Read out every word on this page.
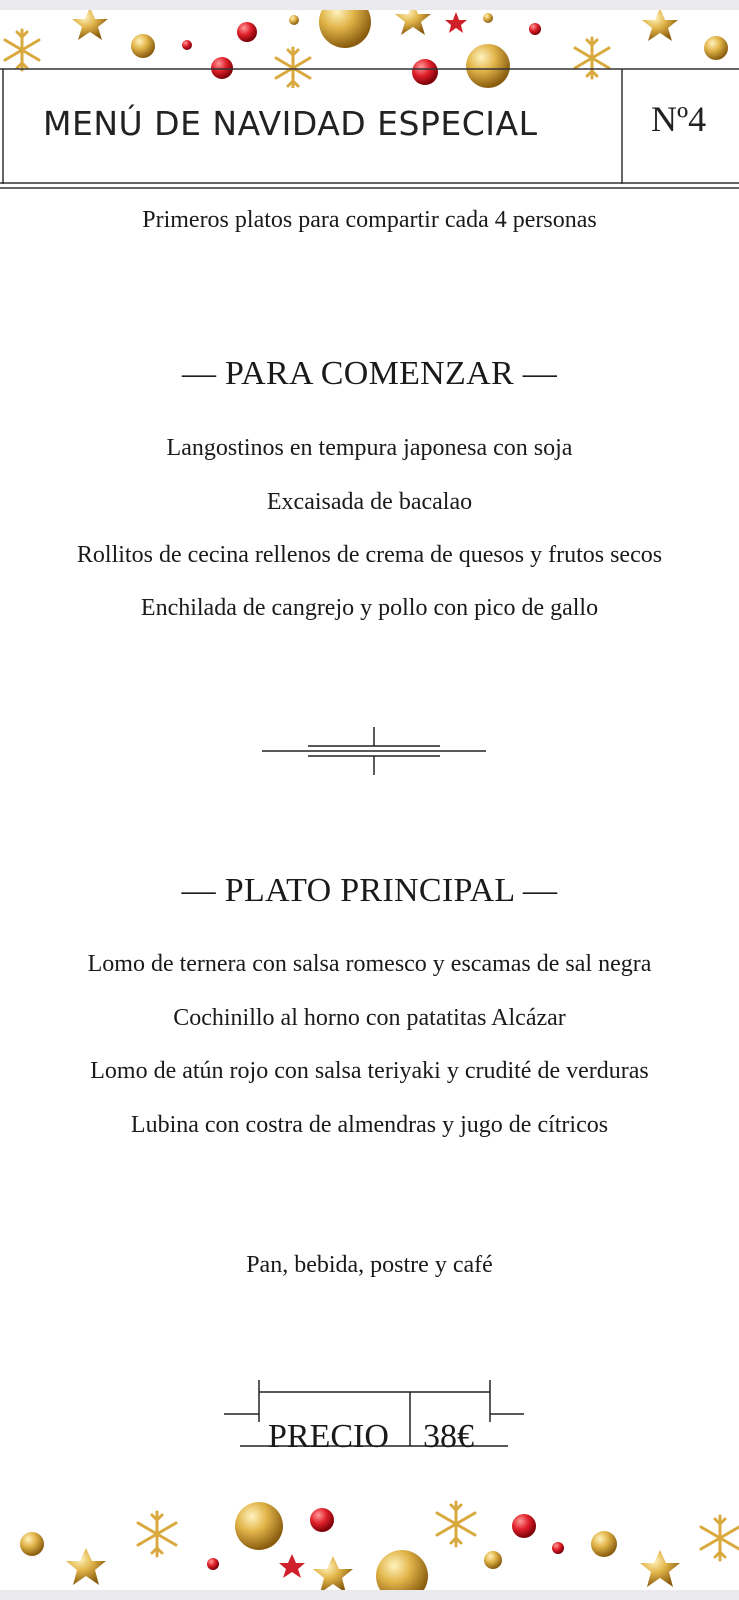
MENÚ DE NAVIDAD ESPECIAL	Nº4
Primeros platos para compartir cada 4 personas
— PARA COMENZAR —
Langostinos en tempura japonesa con soja
Excaisada de bacalao
Rollitos de cecina rellenos de crema de quesos y frutos secos
Enchilada de cangrejo y pollo con pico de gallo
— PLATO PRINCIPAL —
Lomo de ternera con salsa romesco y escamas de sal negra
Cochinillo al horno con patatitas Alcázar
Lomo de atún rojo con salsa teriyaki y crudité de verduras
Lubina con costra de almendras y jugo de cítricos
Pan, bebida, postre y café
PRECIO 38€
